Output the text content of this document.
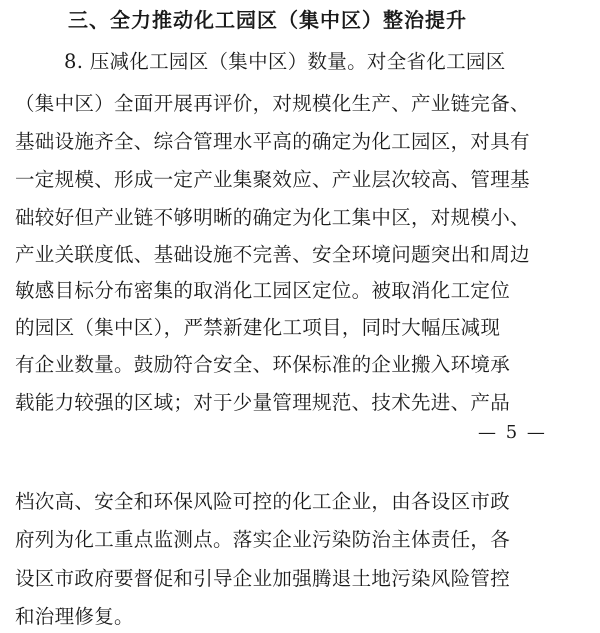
三、全力推动化工园区（集中区）整治提升
8. 压减化工园区（集中区）数量。对全省化工园区
（集中区）全面开展再评价，对规模化生产、产业链完备、
基础设施齐全、综合管理水平高的确定为化工园区，对具有
一定规模、形成一定产业集聚效应、产业层次较高、管理基
础较好但产业链不够明晰的确定为化工集中区，对规模小、
产业关联度低、基础设施不完善、安全环境问题突出和周边
敏感目标分布密集的取消化工园区定位。被取消化工定位
的园区（集中区），严禁新建化工项目，同时大幅压减现
有企业数量。鼓励符合安全、环保标准的企业搬入环境承
载能力较强的区域；对于少量管理规范、技术先进、产品
— 5 —
档次高、安全和环保风险可控的化工企业，由各设区市政
府列为化工重点监测点。落实企业污染防治主体责任，各
设区市政府要督促和引导企业加强腾退土地污染风险管控
和治理修复。
